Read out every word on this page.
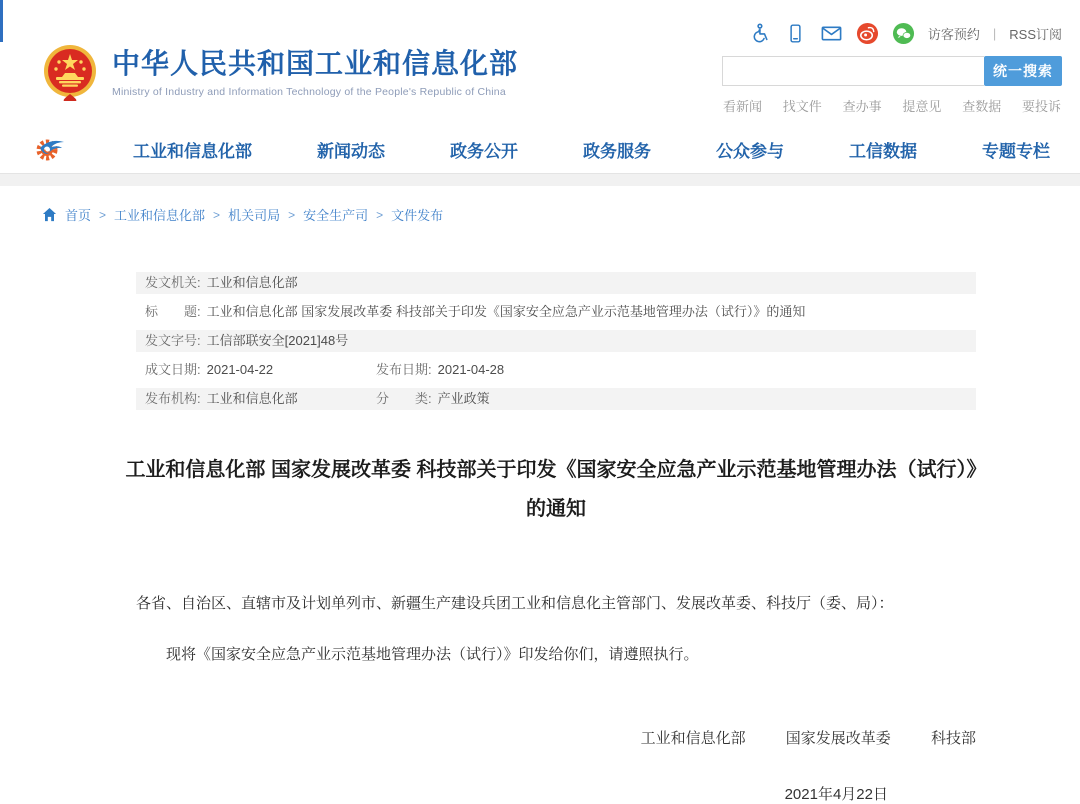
中华人民共和国工业和信息化部
Ministry of Industry and Information Technology of the People's Republic of China
访客预约 | RSS订阅
统一搜索
看新闻 找文件 查办事 提意见 查数据 要投诉
工业和信息化部	新闻动态	政务公开	政务服务	公众参与	工信数据	专题专栏
首页 > 工业和信息化部 > 机关司局 > 安全生产司 > 文件发布
发文机关: 工业和信息化部
标　　题: 工业和信息化部 国家发展改革委 科技部关于印发《国家安全应急产业示范基地管理办法（试行）》的通知
发文字号: 工信部联安全[2021]48号
成文日期: 2021-04-22	发布日期: 2021-04-28
发布机构: 工业和信息化部	分　　类: 产业政策
工业和信息化部 国家发展改革委 科技部关于印发《国家安全应急产业示范基地管理办法（试行）》的通知

各省、自治区、直辖市及计划单列市、新疆生产建设兵团工业和信息化主管部门、发展改革委、科技厅（委、局）：

现将《国家安全应急产业示范基地管理办法（试行）》印发给你们，请遵照执行。

工业和信息化部	国家发展改革委	科技部
2021年4月22日
